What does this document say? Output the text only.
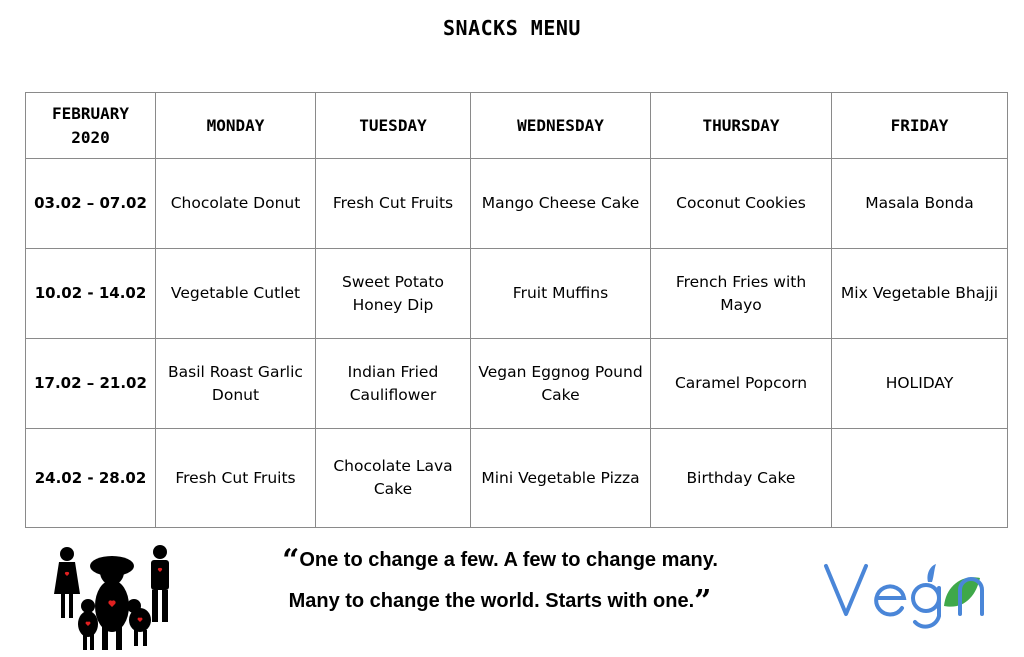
SNACKS MENU
FEBRUARY
2020	MONDAY	TUESDAY	WEDNESDAY	THURSDAY	FRIDAY
03.02 – 07.02	Chocolate Donut	Fresh Cut Fruits	Mango Cheese Cake	Coconut Cookies	Masala Bonda
10.02 - 14.02	Vegetable Cutlet	Sweet Potato Honey Dip	Fruit Muffins	French Fries with Mayo	Mix Vegetable Bhajji
17.02 – 21.02	Basil Roast Garlic Donut	Indian Fried Cauliflower	Vegan Eggnog Pound Cake	Caramel Popcorn	HOLIDAY
24.02 - 28.02	Fresh Cut Fruits	Chocolate Lava Cake	Mini Vegetable Pizza	Birthday Cake	
“One to change a few. A few to change many.
Many to change the world. Starts with one.”
